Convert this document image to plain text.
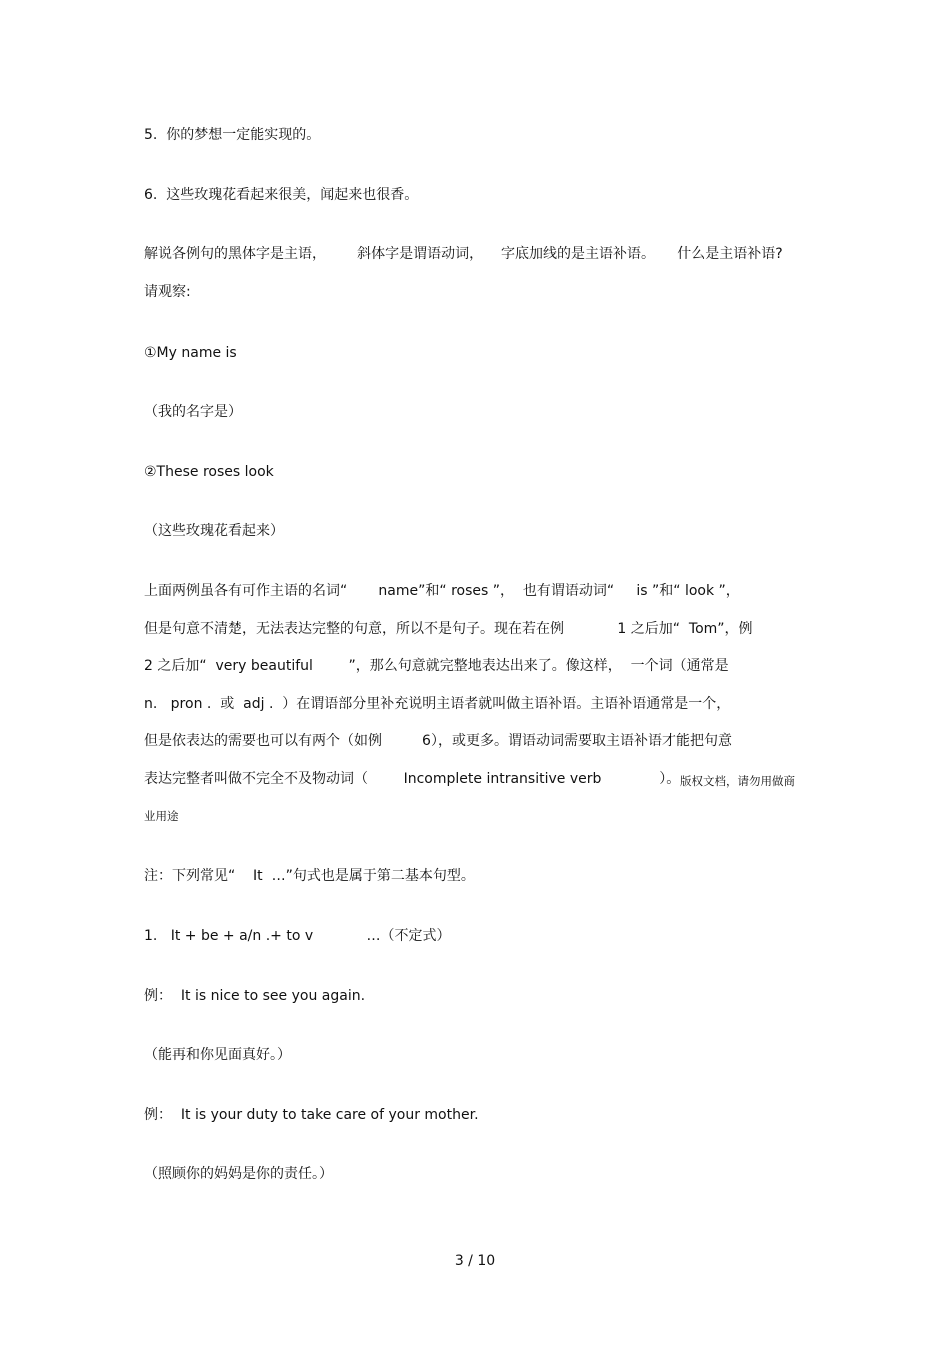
5.  你的梦想一定能实现的。
6.  这些玫瑰花看起来很美，闻起来也很香。
解说各例句的黑体字是主语，       斜体字是谓语动词，    字底加线的是主语补语。     什么是主语补语?
请观察:
①My name is
（我的名字是）
②These roses look
（这些玫瑰花看起来）
上面两例虽各有可作主语的名词“       name”和“ roses ”，  也有谓语动词“     is ”和“ look ”，
但是句意不清楚，无法表达完整的句意，所以不是句子。现在若在例            1 之后加“  Tom”，例
2 之后加“  very beautiful        ”，那么句意就完整地表达出来了。像这样，  一个词（通常是
n.   pron .  或  adj .  ）在谓语部分里补充说明主语者就叫做主语补语。主语补语通常是一个，
但是依表达的需要也可以有两个（如例         6），或更多。谓语动词需要取主语补语才能把句意
表达完整者叫做不完全不及物动词（        Incomplete intransitive verb             ）。 版权文档，请勿用做商
业用途
注：下列常见“    It  …”句式也是属于第二基本句型。
1.   It + be + a/n .+ to v            …（不定式）
例：  It is nice to see you again.
（能再和你见面真好。）
例：  It is your duty to take care of your mother.
（照顾你的妈妈是你的责任。）
3 / 10
